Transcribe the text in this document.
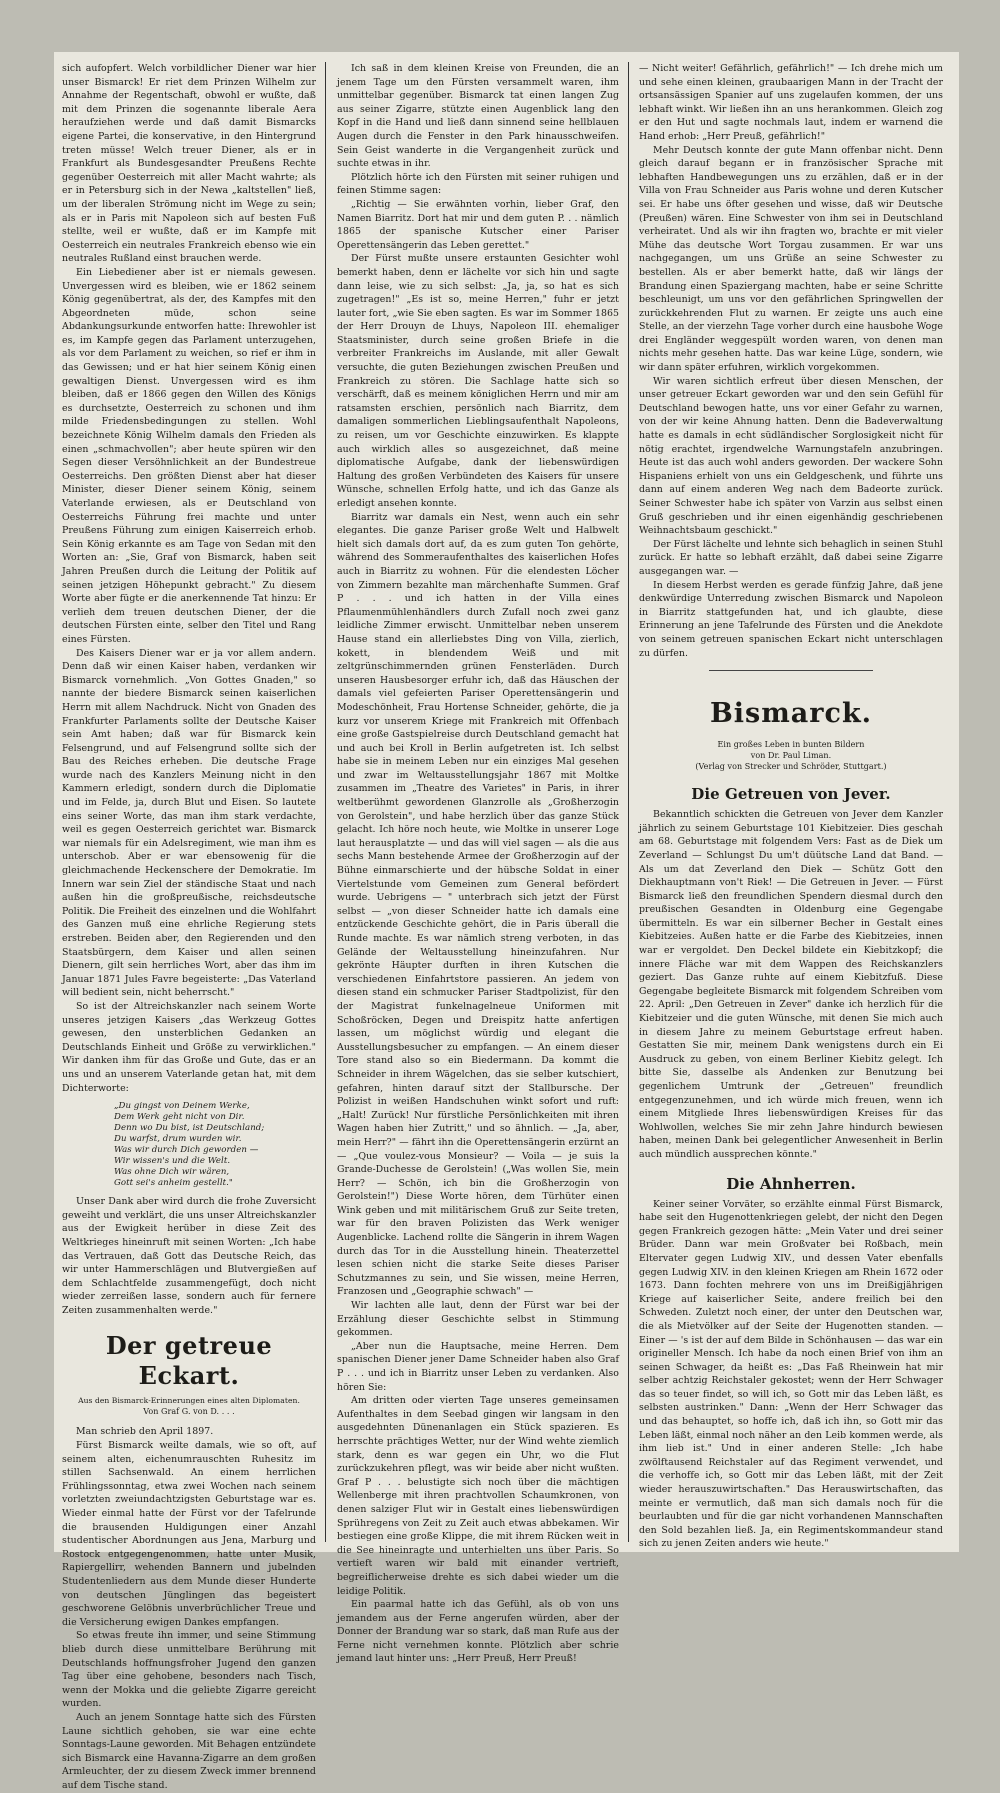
sich aufopfert. Welch vorbildlicher Diener war hier unser Bismarck! Er riet dem Prinzen Wilhelm zur Annahme der Regentschaft, obwohl er wußte, daß mit dem Prinzen die sogenannte liberale Aera heraufziehen werde und daß damit Bismarcks eigene Partei, die konservative, in den Hintergrund treten müsse! Welch treuer Diener, als er in Frankfurt als Bundesgesandter Preußens Rechte gegenüber Oesterreich mit aller Macht wahrte; als er in Petersburg sich in der Newa „kaltstellen" ließ, um der liberalen Strömung nicht im Wege zu sein; als er in Paris mit Napoleon sich auf besten Fuß stellte, weil er wußte, daß er im Kampfe mit Oesterreich ein neutrales Frankreich ebenso wie ein neutrales Rußland einst brauchen werde.

Ein Liebediener aber ist er niemals gewesen. Unvergessen wird es bleiben, wie er 1862 seinem König gegenübertrat, als der, des Kampfes mit den Abgeordneten müde, schon seine Abdankungsurkunde entworfen hatte: Ihrewohler ist es, im Kampfe gegen das Parlament unterzugehen, als vor dem Parlament zu weichen, so rief er ihm in das Gewissen; und er hat hier seinem König einen gewaltigen Dienst. Unvergessen wird es ihm bleiben, daß er 1866 gegen den Willen des Königs es durchsetzte, Oesterreich zu schonen und ihm milde Friedensbedingungen zu stellen. Wohl bezeichnete König Wilhelm damals den Frieden als einen „schmachvollen"; aber heute spüren wir den Segen dieser Versöhnlichkeit an der Bundestreue Oesterreichs. Den größten Dienst aber hat dieser Minister, dieser Diener seinem König, seinem Vaterlande erwiesen, als er Deutschland von Oesterreichs Führung frei machte und unter Preußens Führung zum einigen Kaiserreich erhob. Sein König erkannte es am Tage von Sedan mit den Worten an: „Sie, Graf von Bismarck, haben seit Jahren Preußen durch die Leitung der Politik auf seinen jetzigen Höhepunkt gebracht." Zu diesem Worte aber fügte er die anerkennende Tat hinzu: Er verlieh dem treuen deutschen Diener, der die deutschen Fürsten einte, selber den Titel und Rang eines Fürsten.

Des Kaisers Diener war er ja vor allem andern. Denn daß wir einen Kaiser haben, verdanken wir Bismarck vornehmlich. „Von Gottes Gnaden," so nannte der biedere Bismarck seinen kaiserlichen Herrn mit allem Nachdruck. Nicht von Gnaden des Frankfurter Parlaments sollte der Deutsche Kaiser sein Amt haben; daß war für Bismarck kein Felsengrund, und auf Felsengrund sollte sich der Bau des Reiches erheben. Die deutsche Frage wurde nach des Kanzlers Meinung nicht in den Kammern erledigt, sondern durch die Diplomatie und im Felde, ja, durch Blut und Eisen. So lautete eins seiner Worte, das man ihm stark verdachte, weil es gegen Oesterreich gerichtet war. Bismarck war niemals für ein Adelsregiment, wie man ihm es unterschob. Aber er war ebensowenig für die gleichmachende Heckenschere der Demokratie. Im Innern war sein Ziel der ständische Staat und nach außen hin die großpreußische, reichsdeutsche Politik. Die Freiheit des einzelnen und die Wohlfahrt des Ganzen muß eine ehrliche Regierung stets erstreben. Beiden aber, den Regierenden und den Staatsbürgern, dem Kaiser und allen seinen Dienern, gilt sein herrliches Wort, aber das ihm im Januar 1871 Jules Favre begeisterte: „Das Vaterland will bedient sein, nicht beherrscht."

So ist der Altreichskanzler nach seinem Worte unseres jetzigen Kaisers „das Werkzeug Gottes gewesen, den unsterblichen Gedanken an Deutschlands Einheit und Größe zu verwirklichen." Wir danken ihm für das Große und Gute, das er an uns und an unserem Vaterlande getan hat, mit dem Dichterworte:

„Du gingst von Deinem Werke,
Dem Werk geht nicht von Dir.
Denn wo Du bist, ist Deutschland;
Du warfst, drum wurden wir.
Was wir durch Dich geworden —
Wir wissen's und die Welt.
Was ohne Dich wir wären,
Gott sei's anheim gestellt."

Unser Dank aber wird durch die frohe Zuversicht geweiht und verklärt, die uns unser Altreichskanzler aus der Ewigkeit herüber in diese Zeit des Weltkrieges hineinruft mit seinen Worten: „Ich habe das Vertrauen, daß Gott das Deutsche Reich, das wir unter Hammerschlägen und Blutvergießen auf dem Schlachtfelde zusammengefügt, doch nicht wieder zerreißen lasse, sondern auch für fernere Zeiten zusammenhalten werde."

Der getreue Eckart.
Aus den Bismarck-Erinnerungen eines alten Diplomaten.
Von Graf G. von D. . . .

Man schrieb den April 1897.

Fürst Bismarck weilte damals, wie so oft, auf seinem alten, eichenumrauschten Ruhesitz im stillen Sachsenwald. An einem herrlichen Frühlingssonntag, etwa zwei Wochen nach seinem vorletzten zweiundachtzigsten Geburtstage war es. Wieder einmal hatte der Fürst vor der Tafelrunde die brausenden Huldigungen einer Anzahl studentischer Abordnungen aus Jena, Marburg und Rostock entgegengenommen, hatte unter Musik, Rapiergellirr, wehenden Bannern und jubelnden Studentenliedern aus dem Munde dieser Hunderte von deutschen Jünglingen das begeistert geschworene Gelöbnis unverbrüchlicher Treue und die Versicherung ewigen Dankes empfangen.

So etwas freute ihn immer, und seine Stimmung blieb durch diese unmittelbare Berührung mit Deutschlands hoffnungsfroher Jugend den ganzen Tag über eine gehobene, besonders nach Tisch, wenn der Mokka und die geliebte Zigarre gereicht wurden.

Auch an jenem Sonntage hatte sich des Fürsten Laune sichtlich gehoben, sie war eine echte Sonntags-Laune geworden. Mit Behagen entzündete sich Bismarck eine Havanna-Zigarre an dem großen Armleuchter, der zu diesem Zweck immer brennend auf dem Tische stand.

Ich saß in dem kleinen Kreise von Freunden, die an jenem Tage um den Fürsten versammelt waren, ihm unmittelbar gegenüber. Bismarck tat einen langen Zug aus seiner Zigarre, stützte einen Augenblick lang den Kopf in die Hand und ließ dann sinnend seine hellblauen Augen durch die Fenster in den Park hinausschweifen. Sein Geist wanderte in die Vergangenheit zurück und suchte etwas in ihr.

Plötzlich hörte ich den Fürsten mit seiner ruhigen und feinen Stimme sagen:

„Richtig — Sie erwähnten vorhin, lieber Graf, den Namen Biarritz. Dort hat mir und dem guten P. . . nämlich 1865 der spanische Kutscher einer Pariser Operettensängerin das Leben gerettet."

Der Fürst mußte unsere erstaunten Gesichter wohl bemerkt haben, denn er lächelte vor sich hin und sagte dann leise, wie zu sich selbst: „Ja, ja, so hat es sich zugetragen!" „Es ist so, meine Herren," fuhr er jetzt lauter fort, „wie Sie eben sagten. Es war im Sommer 1865 der Herr Drouyn de Lhuys, Napoleon III. ehemaliger Staatsminister, durch seine großen Briefe in die verbreiter Frankreichs im Auslande, mit aller Gewalt versuchte, die guten Beziehungen zwischen Preußen und Frankreich zu stören. Die Sachlage hatte sich so verschärft, daß es meinem königlichen Herrn und mir am ratsamsten erschien, persönlich nach Biarritz, dem damaligen sommerlichen Lieblingsaufenthalt Napoleons, zu reisen, um vor Geschichte einzuwirken. Es klappte auch wirklich alles so ausgezeichnet, daß meine diplomatische Aufgabe, dank der liebenswürdigen Haltung des großen Verbündeten des Kaisers für unsere Wünsche, schnellen Erfolg hatte, und ich das Ganze als erledigt ansehen konnte.

Biarritz war damals ein Nest, wenn auch ein sehr elegantes. Die ganze Pariser große Welt und Halbwelt hielt sich damals dort auf, da es zum guten Ton gehörte, während des Sommeraufenthaltes des kaiserlichen Hofes auch in Biarritz zu wohnen. Für die elendesten Löcher von Zimmern bezahlte man märchenhafte Summen. Graf P . . . und ich hatten in der Villa eines Pflaumenmühlenhändlers durch Zufall noch zwei ganz leidliche Zimmer erwischt. Unmittelbar neben unserem Hause stand ein allerliebstes Ding von Villa, zierlich, kokett, in blendendem Weiß und mit zeltgrünschimmernden grünen Fensterläden. Durch unseren Hausbesorger erfuhr ich, daß das Häuschen der damals viel gefeierten Pariser Operettensängerin und Modeschönheit, Frau Hortense Schneider, gehörte, die ja kurz vor unserem Kriege mit Frankreich mit Offenbach eine große Gastspielreise durch Deutschland gemacht hat und auch bei Kroll in Berlin aufgetreten ist. Ich selbst habe sie in meinem Leben nur ein einziges Mal gesehen und zwar im Weltausstellungsjahr 1867 mit Moltke zusammen im „Theatre des Varietes" in Paris, in ihrer weltberühmt gewordenen Glanzrolle als „Großherzogin von Gerolstein", und habe herzlich über das ganze Stück gelacht. Ich höre noch heute, wie Moltke in unserer Loge laut herausplatzte — und das will viel sagen — als die aus sechs Mann bestehende Armee der Großherzogin auf der Bühne einmarschierte und der hübsche Soldat in einer Viertelstunde vom Gemeinen zum General befördert wurde. Uebrigens — " unterbrach sich jetzt der Fürst selbst — „von dieser Schneider hatte ich damals eine entzückende Geschichte gehört, die in Paris überall die Runde machte. Es war nämlich streng verboten, in das Gelände der Weltausstellung hineinzufahren. Nur gekrönte Häupter durften in ihren Kutschen die verschiedenen Einfahrtstore passieren. An jedem von diesen stand ein schmucker Pariser Stadtpolizist, für den der Magistrat funkelnagelneue Uniformen mit Schoßröcken, Degen und Dreispitz hatte anfertigen lassen, um möglichst würdig und elegant die Ausstellungsbesucher zu empfangen. — An einem dieser Tore stand also so ein Biedermann. Da kommt die Schneider in ihrem Wägelchen, das sie selber kutschiert, gefahren, hinten darauf sitzt der Stallbursche. Der Polizist in weißen Handschuhen winkt sofort und ruft: „Halt! Zurück! Nur fürstliche Persönlichkeiten mit ihren Wagen haben hier Zutritt," und so ähnlich. — „Ja, aber, mein Herr?" — fährt ihn die Operettensängerin erzürnt an — „Que voulez-vous Monsieur? — Voila — je suis la Grande-Duchesse de Gerolstein! („Was wollen Sie, mein Herr? — Schön, ich bin die Großherzogin von Gerolstein!") Diese Worte hören, dem Türhüter einen Wink geben und mit militärischem Gruß zur Seite treten, war für den braven Polizisten das Werk weniger Augenblicke. Lachend rollte die Sängerin in ihrem Wagen durch das Tor in die Ausstellung hinein. Theaterzettel lesen schien nicht die starke Seite dieses Pariser Schutzmannes zu sein, und Sie wissen, meine Herren, Franzosen und „Geographie schwach" —

Wir lachten alle laut, denn der Fürst war bei der Erzählung dieser Geschichte selbst in Stimmung gekommen.

„Aber nun die Hauptsache, meine Herren. Dem spanischen Diener jener Dame Schneider haben also Graf P . . . und ich in Biarritz unser Leben zu verdanken. Also hören Sie:

Am dritten oder vierten Tage unseres gemeinsamen Aufenthaltes in dem Seebad gingen wir langsam in den ausgedehnten Dünenanlagen ein Stück spazieren. Es herrschte prächtiges Wetter, nur der Wind wehte ziemlich stark, denn es war gegen ein Uhr, wo die Flut zurückzukehren pflegt, was wir beide aber nicht wußten. Graf P . . . belustigte sich noch über die mächtigen Wellenberge mit ihren prachtvollen Schaumkronen, von denen salziger Flut wir in Gestalt eines liebenswürdigen Sprühregens von Zeit zu Zeit auch etwas abbekamen. Wir bestiegen eine große Klippe, die mit ihrem Rücken weit in die See hineinragte und unterhielten uns über Paris. So vertieft waren wir bald mit einander vertrieft, begreiflicherweise drehte es sich dabei wieder um die leidige Politik.

Ein paarmal hatte ich das Gefühl, als ob von uns jemandem aus der Ferne angerufen würden, aber der Donner der Brandung war so stark, daß man Rufe aus der Ferne nicht vernehmen konnte. Plötzlich aber schrie jemand laut hinter uns: „Herr Preuß, Herr Preuß!

— Nicht weiter! Gefährlich, gefährlich!" — Ich drehe mich um und sehe einen kleinen, graubaarigen Mann in der Tracht der ortsansässigen Spanier auf uns zugelaufen kommen, der uns lebhaft winkt. Wir ließen ihn an uns herankommen. Gleich zog er den Hut und sagte nochmals laut, indem er warnend die Hand erhob: „Herr Preuß, gefährlich!"

Mehr Deutsch konnte der gute Mann offenbar nicht. Denn gleich darauf begann er in französischer Sprache mit lebhaften Handbewegungen uns zu erzählen, daß er in der Villa von Frau Schneider aus Paris wohne und deren Kutscher sei. Er habe uns öfter gesehen und wisse, daß wir Deutsche (Preußen) wären. Eine Schwester von ihm sei in Deutschland verheiratet. Und als wir ihn fragten wo, brachte er mit vieler Mühe das deutsche Wort Torgau zusammen. Er war uns nachgegangen, um uns Grüße an seine Schwester zu bestellen. Als er aber bemerkt hatte, daß wir längs der Brandung einen Spaziergang machten, habe er seine Schritte beschleunigt, um uns vor den gefährlichen Springwellen der zurückkehrenden Flut zu warnen. Er zeigte uns auch eine Stelle, an der vierzehn Tage vorher durch eine hausbohe Woge drei Engländer weggespült worden waren, von denen man nichts mehr gesehen hatte. Das war keine Lüge, sondern, wie wir dann später erfuhren, wirklich vorgekommen.

Wir waren sichtlich erfreut über diesen Menschen, der unser getreuer Eckart geworden war und den sein Gefühl für Deutschland bewogen hatte, uns vor einer Gefahr zu warnen, von der wir keine Ahnung hatten. Denn die Badeverwaltung hatte es damals in echt südländischer Sorglosigkeit nicht für nötig erachtet, irgendwelche Warnungstafeln anzubringen. Heute ist das auch wohl anders geworden. Der wackere Sohn Hispaniens erhielt von uns ein Geldgeschenk, und führte uns dann auf einem anderen Weg nach dem Badeorte zurück. Seiner Schwester habe ich später von Varzin aus selbst einen Gruß geschrieben und ihr einen eigenhändig geschriebenen Weihnachtsbaum geschickt."

Der Fürst lächelte und lehnte sich behaglich in seinen Stuhl zurück. Er hatte so lebhaft erzählt, daß dabei seine Zigarre ausgegangen war. —

In diesem Herbst werden es gerade fünfzig Jahre, daß jene denkwürdige Unterredung zwischen Bismarck und Napoleon in Biarritz stattgefunden hat, und ich glaubte, diese Erinnerung an jene Tafelrunde des Fürsten und die Anekdote von seinem getreuen spanischen Eckart nicht unterschlagen zu dürfen.

Bismarck.
Ein großes Leben in bunten Bildern
von Dr. Paul Liman.
(Verlag von Strecker und Schröder, Stuttgart.)
Die Getreuen von Jever.

Bekanntlich schickten die Getreuen von Jever dem Kanzler jährlich zu seinem Geburtstage 101 Kiebitzeier. Dies geschah am 68. Geburtstage mit folgendem Vers: Fast as de Diek um Zeverland — Schlungst Du um't düütsche Land dat Band. — Als um dat Zeverland den Diek — Schütz Gott den Diekhauptmann von't Riek! — Die Getreuen in Jever. — Fürst Bismarck ließ den freundlichen Spendern diesmal durch den preußischen Gesandten in Oldenburg eine Gegengabe übermitteln. Es war ein silberner Becher in Gestalt eines Kiebitzeies. Außen hatte er die Farbe des Kiebitzeies, innen war er vergoldet. Den Deckel bildete ein Kiebitzkopf; die innere Fläche war mit dem Wappen des Reichskanzlers geziert. Das Ganze ruhte auf einem Kiebitzfuß. Diese Gegengabe begleitete Bismarck mit folgendem Schreiben vom 22. April: „Den Getreuen in Zever" danke ich herzlich für die Kiebitzeier und die guten Wünsche, mit denen Sie mich auch in diesem Jahre zu meinem Geburtstage erfreut haben. Gestatten Sie mir, meinem Dank wenigstens durch ein Ei Ausdruck zu geben, von einem Berliner Kiebitz gelegt. Ich bitte Sie, dasselbe als Andenken zur Benutzung bei gegenlichem Umtrunk der „Getreuen" freundlich entgegenzunehmen, und ich würde mich freuen, wenn ich einem Mitgliede Ihres liebenswürdigen Kreises für das Wohlwollen, welches Sie mir zehn Jahre hindurch bewiesen haben, meinen Dank bei gelegentlicher Anwesenheit in Berlin auch mündlich aussprechen könnte."

Die Ahnherren.

Keiner seiner Vorväter, so erzählte einmal Fürst Bismarck, habe seit den Hugenottenkriegen gelebt, der nicht den Degen gegen Frankreich gezogen hätte: „Mein Vater und drei seiner Brüder. Dann war mein Großvater bei Roßbach, mein Eltervater gegen Ludwig XIV., und dessen Vater ebenfalls gegen Ludwig XIV. in den kleinen Kriegen am Rhein 1672 oder 1673. Dann fochten mehrere von uns im Dreißigjährigen Kriege auf kaiserlicher Seite, andere freilich bei den Schweden. Zuletzt noch einer, der unter den Deutschen war, die als Mietvölker auf der Seite der Hugenotten standen. — Einer — 's ist der auf dem Bilde in Schönhausen — das war ein origineller Mensch. Ich habe da noch einen Brief von ihm an seinen Schwager, da heißt es: „Das Faß Rheinwein hat mir selber achtzig Reichstaler gekostet; wenn der Herr Schwager das so teuer findet, so will ich, so Gott mir das Leben läßt, es selbsten austrinken." Dann: „Wenn der Herr Schwager das und das behauptet, so hoffe ich, daß ich ihn, so Gott mir das Leben läßt, einmal noch näher an den Leib kommen werde, als ihm lieb ist." Und in einer anderen Stelle: „Ich habe zwölftausend Reichstaler auf das Regiment verwendet, und die verhoffe ich, so Gott mir das Leben läßt, mit der Zeit wieder herauszuwirtschaften." Das Herauswirtschaften, das meinte er vermutlich, daß man sich damals noch für die beurlaubten und für die gar nicht vorhandenen Mannschaften den Sold bezahlen ließ. Ja, ein Regimentskommandeur stand sich zu jenen Zeiten anders wie heute."
